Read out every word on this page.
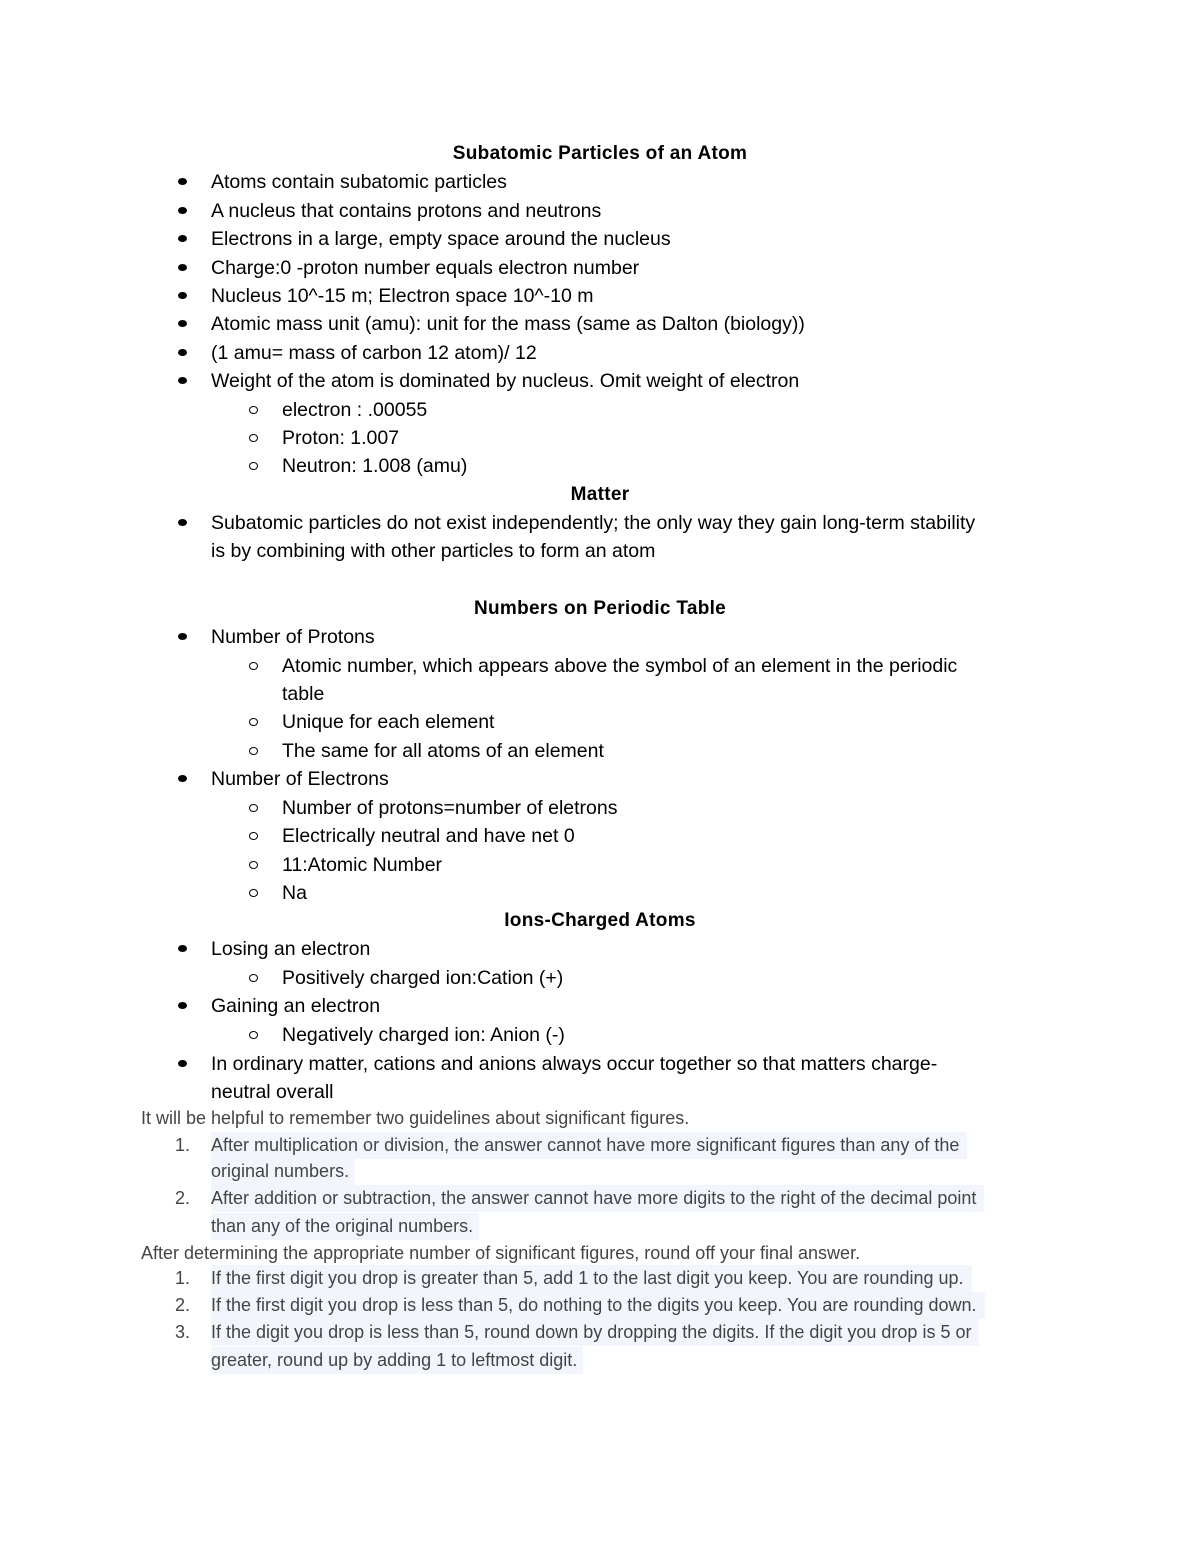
Subatomic Particles of an Atom
Atoms contain subatomic particles
A nucleus that contains protons and neutrons
Electrons in a large, empty space around the nucleus
Charge:0 -proton number equals electron number
Nucleus 10^-15 m; Electron space 10^-10 m
Atomic mass unit (amu): unit for the mass (same as Dalton (biology))
(1 amu= mass of carbon 12 atom)/ 12
Weight of the atom is dominated by nucleus. Omit weight of electron
electron : .00055
Proton: 1.007
Neutron: 1.008 (amu)
Matter
Subatomic particles do not exist independently; the only way they gain long-term stability
is by combining with other particles to form an atom
Numbers on Periodic Table
Number of Protons
Atomic number, which appears above the symbol of an element in the periodic
table
Unique for each element
The same for all atoms of an element
Number of Electrons
Number of protons=number of eletrons
Electrically neutral and have net 0
11:Atomic Number
Na
Ions-Charged Atoms
Losing an electron
Positively charged ion:Cation (+)
Gaining an electron
Negatively charged ion: Anion (-)
In ordinary matter, cations and anions always occur together so that matters charge-
neutral overall
It will be helpful to remember two guidelines about significant figures.
1. After multiplication or division, the answer cannot have more significant figures than any of the
original numbers.
2. After addition or subtraction, the answer cannot have more digits to the right of the decimal point
than any of the original numbers.
After determining the appropriate number of significant figures, round off your final answer.
1. If the first digit you drop is greater than 5, add 1 to the last digit you keep. You are rounding up.
2. If the first digit you drop is less than 5, do nothing to the digits you keep. You are rounding down.
3. If the digit you drop is less than 5, round down by dropping the digits. If the digit you drop is 5 or
greater, round up by adding 1 to leftmost digit.
